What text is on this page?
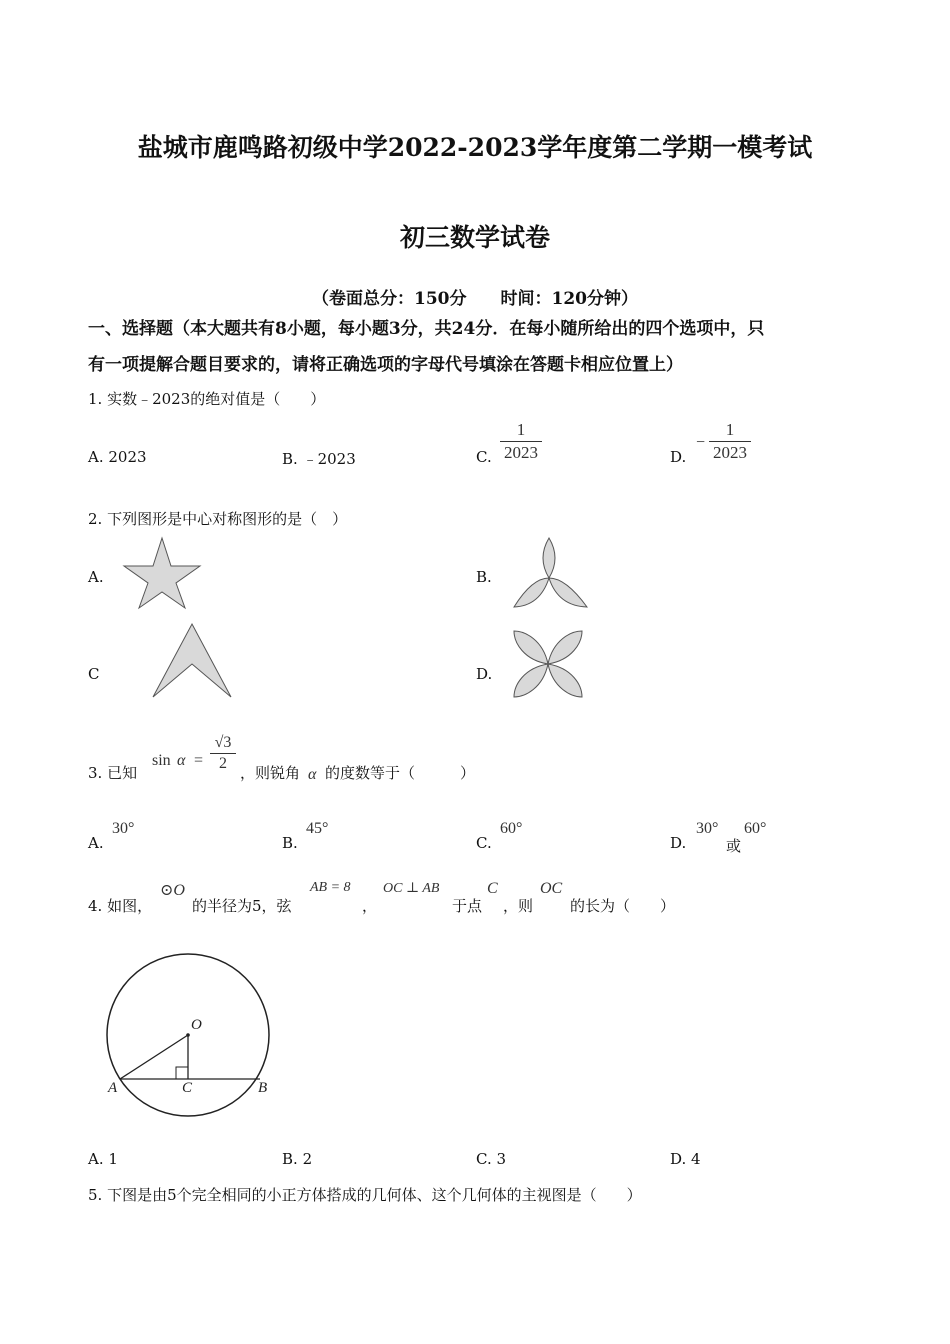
盐城市鹿鸣路初级中学2022-2023学年度第二学期一模考试
初三数学试卷
（卷面总分：150分　　时间：120分钟）
一、选择题（本大题共有8小题，每小题3分，共24分．在每小随所给出的四个选项中，只
有一项提解合题目要求的，请将正确选项的字母代号填涂在答题卡相应位置上）
1. 实数﹣2023的绝对值是（　　）
A. 2023	B. ﹣2023	C.
1
2023	D.
−
1
2023
2. 下列图形是中心对称图形的是（　）
A.	B.
C	D.
3. 已知
sin α =
√3
2
，则锐角 α 的度数等于（　　　）
A.
30°
B.
45°
C.
60°
D.
30°
或
60°
4. 如图，
⊙O
的半径为5，弦
AB = 8
，
OC ⊥ AB
于点
C
，则
OC
的长为（　　）
O
A	C	B
A. 1	B. 2	C. 3	D. 4
5. 下图是由5个完全相同的小正方体搭成的几何体、这个几何体的主视图是（　　）
